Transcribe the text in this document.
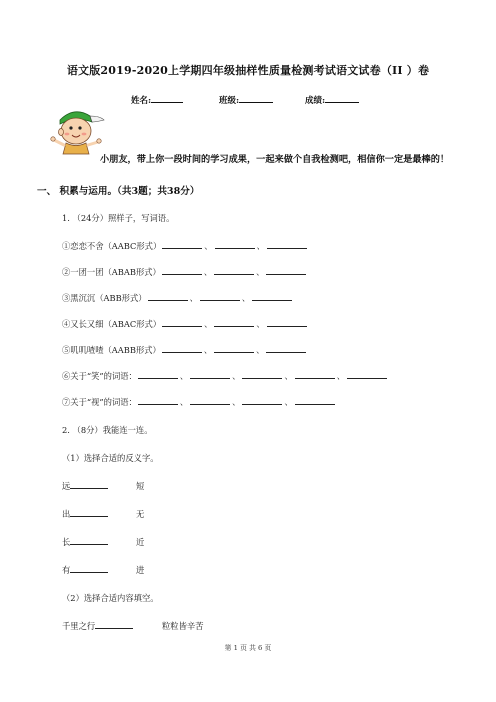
语文版2019-2020上学期四年级抽样性质量检测考试语文试卷（II ）卷
姓名:	班级:	成绩:
小朋友，带上你一段时间的学习成果，一起来做个自我检测吧，相信你一定是最棒的！
一、 积累与运用。（共3题；共38分）
1. （24分）照样子，写词语。
①恋恋不舍（AABC形式）	、	、
②一团一团（ABAB形式）	、	、
③黑沉沉（ABB形式）	、	、
④又长又细（ABAC形式）	、	、
⑤叽叽喳喳（AABB形式）	、	、
⑥关于“笑”的词语：	、	、	、	、
⑦关于“视”的词语：	、	、	、
2. （8分）我能连一连。
（1）选择合适的反义字。
远	短
出	无
长	近
有	进
（2）选择合适内容填空。
千里之行	粒粒皆辛苦
第 1 页 共 6 页
